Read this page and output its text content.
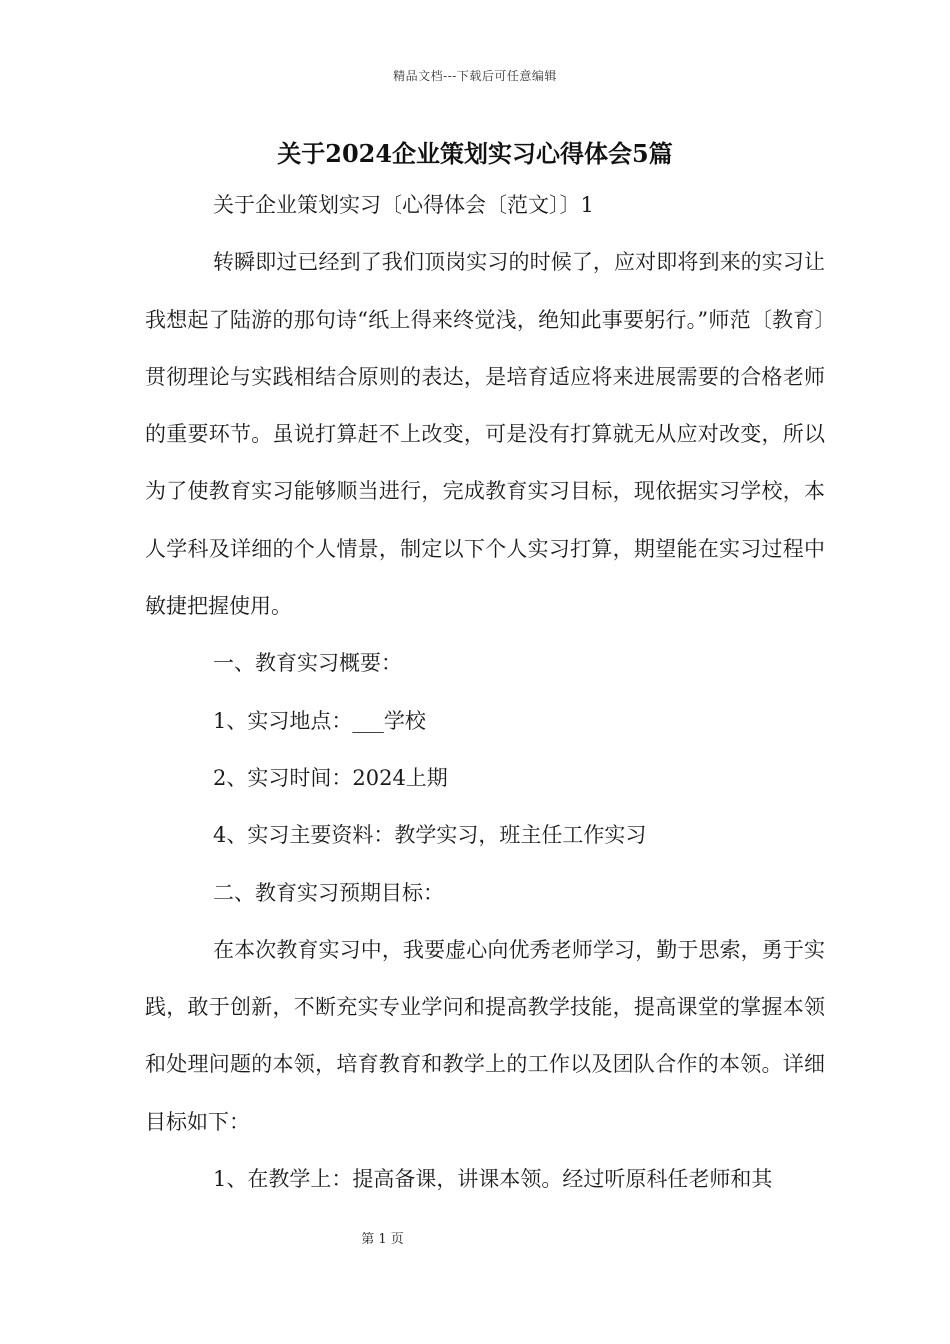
精品文档---下载后可任意编辑
关于2024企业策划实习心得体会5篇

关于企业策划实习〔心得体会〔范文〕〕1

转瞬即过已经到了我们顶岗实习的时候了，应对即将到来的实习让我想起了陆游的那句诗“纸上得来终觉浅，绝知此事要躬行。”师范〔教育〕贯彻理论与实践相结合原则的表达，是培育适应将来进展需要的合格老师的重要环节。虽说打算赶不上改变，可是没有打算就无从应对改变，所以为了使教育实习能够顺当进行，完成教育实习目标，现依据实习学校，本人学科及详细的个人情景，制定以下个人实习打算，期望能在实习过程中敏捷把握使用。

一、教育实习概要：

1、实习地点：___学校

2、实习时间：2024上期

4、实习主要资料：教学实习，班主任工作实习

二、教育实习预期目标：

在本次教育实习中，我要虚心向优秀老师学习，勤于思索，勇于实践，敢于创新，不断充实专业学问和提高教学技能，提高课堂的掌握本领和处理问题的本领，培育教育和教学上的工作以及团队合作的本领。详细目标如下：

1、在教学上：提高备课，讲课本领。经过听原科任老师和其

第 1 页
